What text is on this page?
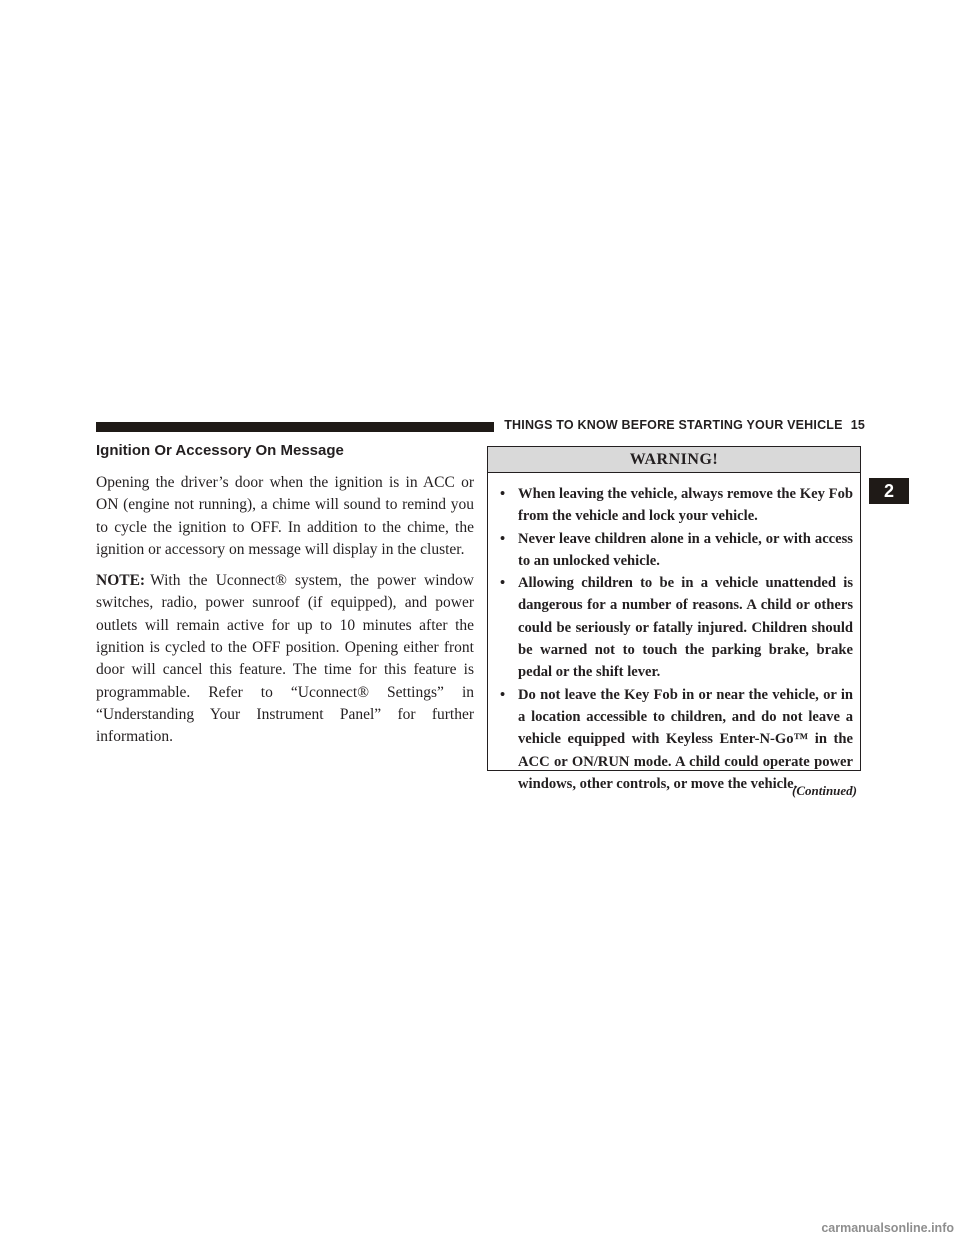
THINGS TO KNOW BEFORE STARTING YOUR VEHICLE 15
2
Ignition Or Accessory On Message

Opening the driver’s door when the ignition is in ACC or ON (engine not running), a chime will sound to remind you to cycle the ignition to OFF. In addition to the chime, the ignition or accessory on message will display in the cluster.

NOTE: With the Uconnect® system, the power window switches, radio, power sunroof (if equipped), and power outlets will remain active for up to 10 minutes after the ignition is cycled to the OFF position. Opening either front door will cancel this feature. The time for this feature is programmable. Refer to “Uconnect® Settings” in “Understanding Your Instrument Panel” for further information.

WARNING!
• When leaving the vehicle, always remove the Key Fob from the vehicle and lock your vehicle.
• Never leave children alone in a vehicle, or with access to an unlocked vehicle.
• Allowing children to be in a vehicle unattended is dangerous for a number of reasons. A child or others could be seriously or fatally injured. Children should be warned not to touch the parking brake, brake pedal or the shift lever.
• Do not leave the Key Fob in or near the vehicle, or in a location accessible to children, and do not leave a vehicle equipped with Keyless Enter-N-Go™ in the ACC or ON/RUN mode. A child could operate power windows, other controls, or move the vehicle.
(Continued)
carmanualsonline.info
